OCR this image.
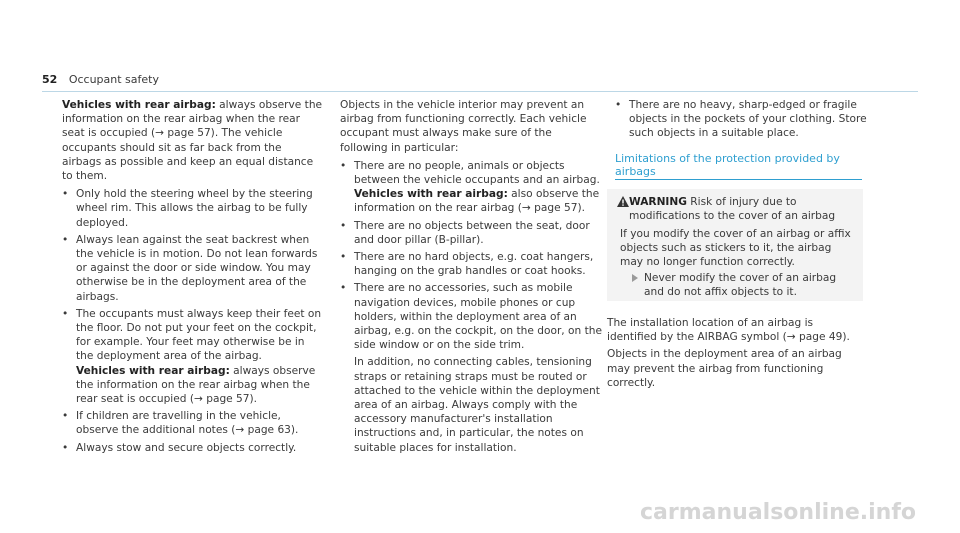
52 Occupant safety

Vehicles with rear airbag: always observe the information on the rear airbag when the rear seat is occupied (→ page 57). The vehicle occupants should sit as far back from the airbags as possible and keep an equal distance to them.

• Only hold the steering wheel by the steering wheel rim. This allows the airbag to be fully deployed.
• Always lean against the seat backrest when the vehicle is in motion. Do not lean forwards or against the door or side window. You may otherwise be in the deployment area of the airbags.
• The occupants must always keep their feet on the floor. Do not put your feet on the cockpit, for example. Your feet may otherwise be in the deployment area of the airbag.
Vehicles with rear airbag: always observe the information on the rear airbag when the rear seat is occupied (→ page 57).
• If children are travelling in the vehicle, observe the additional notes (→ page 63).
• Always stow and secure objects correctly.

Objects in the vehicle interior may prevent an airbag from functioning correctly. Each vehicle occupant must always make sure of the following in particular:

• There are no people, animals or objects between the vehicle occupants and an airbag.
Vehicles with rear airbag: also observe the information on the rear airbag (→ page 57).
• There are no objects between the seat, door and door pillar (B-pillar).
• There are no hard objects, e.g. coat hangers, hanging on the grab handles or coat hooks.
• There are no accessories, such as mobile navigation devices, mobile phones or cup holders, within the deployment area of an airbag, e.g. on the cockpit, on the door, on the side window or on the side trim.
In addition, no connecting cables, tensioning straps or retaining straps must be routed or attached to the vehicle within the deployment area of an airbag. Always comply with the accessory manufacturer's installation instructions and, in particular, the notes on suitable places for installation.
• There are no heavy, sharp-edged or fragile objects in the pockets of your clothing. Store such objects in a suitable place.
Limitations of the protection provided by airbags
WARNING Risk of injury due to modifications to the cover of an airbag
If you modify the cover of an airbag or affix objects such as stickers to it, the airbag may no longer function correctly.
Never modify the cover of an airbag and do not affix objects to it.

The installation location of an airbag is identified by the AIRBAG symbol (→ page 49).

Objects in the deployment area of an airbag may prevent the airbag from functioning correctly.

carmanualsonline.info
